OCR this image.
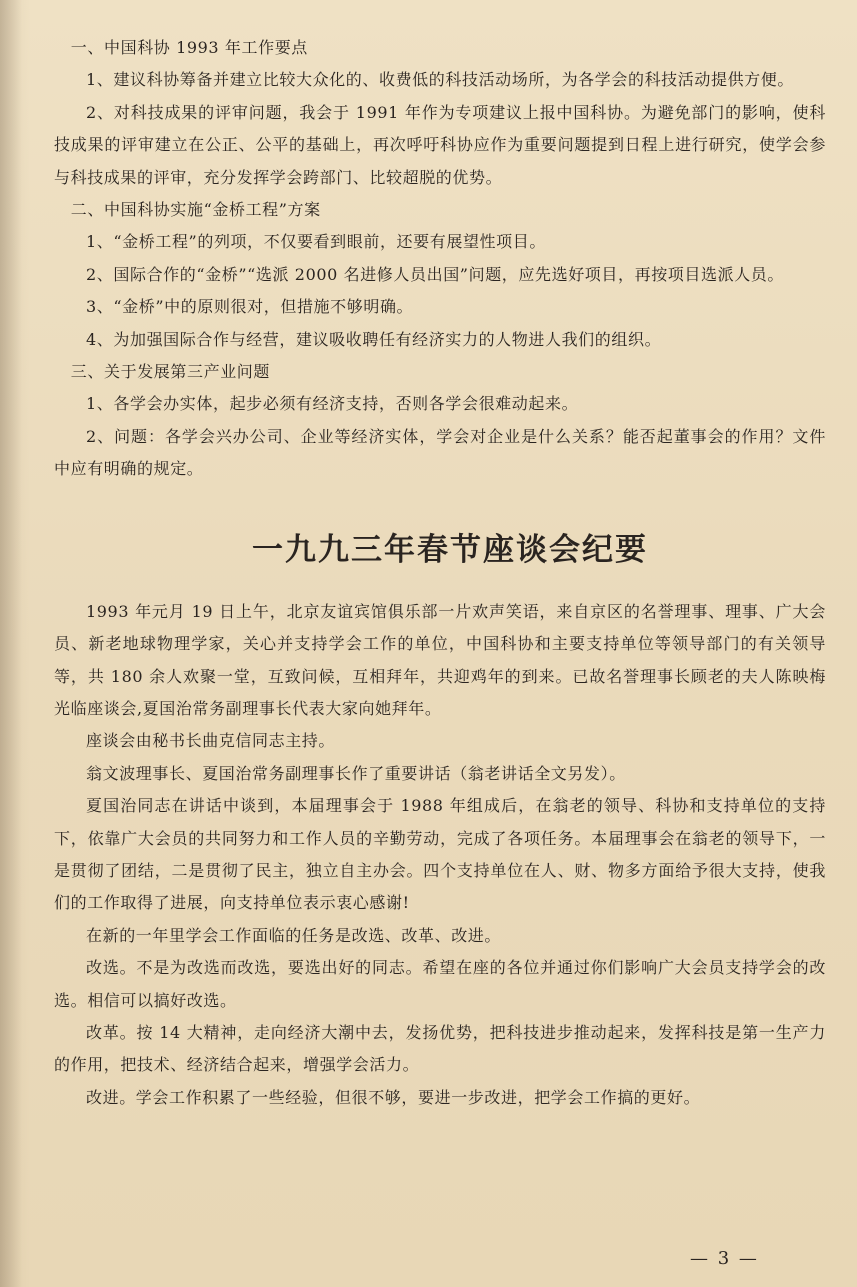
一、中国科协 1993 年工作要点

1、建议科协筹备并建立比较大众化的、收费低的科技活动场所，为各学会的科技活动提供方便。

2、对科技成果的评审问题，我会于 1991 年作为专项建议上报中国科协。为避免部门的影响，使科技成果的评审建立在公正、公平的基础上，再次呼吁科协应作为重要问题提到日程上进行研究，使学会参与科技成果的评审，充分发挥学会跨部门、比较超脱的优势。

二、中国科协实施“金桥工程”方案

1、“金桥工程”的列项，不仅要看到眼前，还要有展望性项目。

2、国际合作的“金桥”“选派 2000 名进修人员出国”问题，应先选好项目，再按项目选派人员。

3、“金桥”中的原则很对，但措施不够明确。

4、为加强国际合作与经营，建议吸收聘任有经济实力的人物进人我们的组织。

三、关于发展第三产业问题

1、各学会办实体，起步必须有经济支持，否则各学会很难动起来。

2、问题：各学会兴办公司、企业等经济实体，学会对企业是什么关系？能否起董事会的作用？文件中应有明确的规定。

一九九三年春节座谈会纪要

1993 年元月 19 日上午，北京友谊宾馆俱乐部一片欢声笑语，来自京区的名誉理事、理事、广大会员、新老地球物理学家，关心并支持学会工作的单位，中国科协和主要支持单位等领导部门的有关领导等，共 180 余人欢聚一堂，互致问候，互相拜年，共迎鸡年的到来。已故名誉理事长顾老的夫人陈映梅光临座谈会,夏国治常务副理事长代表大家向她拜年。

座谈会由秘书长曲克信同志主持。

翁文波理事长、夏国治常务副理事长作了重要讲话（翁老讲话全文另发）。

夏国治同志在讲话中谈到，本届理事会于 1988 年组成后，在翁老的领导、科协和支持单位的支持下，依靠广大会员的共同努力和工作人员的辛勤劳动，完成了各项任务。本届理事会在翁老的领导下，一是贯彻了团结，二是贯彻了民主，独立自主办会。四个支持单位在人、财、物多方面给予很大支持，使我们的工作取得了进展，向支持单位表示衷心感谢!

在新的一年里学会工作面临的任务是改选、改革、改进。

改选。不是为改选而改选，要选出好的同志。希望在座的各位并通过你们影响广大会员支持学会的改选。相信可以搞好改选。

改革。按 14 大精神，走向经济大潮中去，发扬优势，把科技进步推动起来，发挥科技是第一生产力的作用，把技术、经济结合起来，增强学会活力。

改进。学会工作积累了一些经验，但很不够，要进一步改进，把学会工作搞的更好。

— 3 —
